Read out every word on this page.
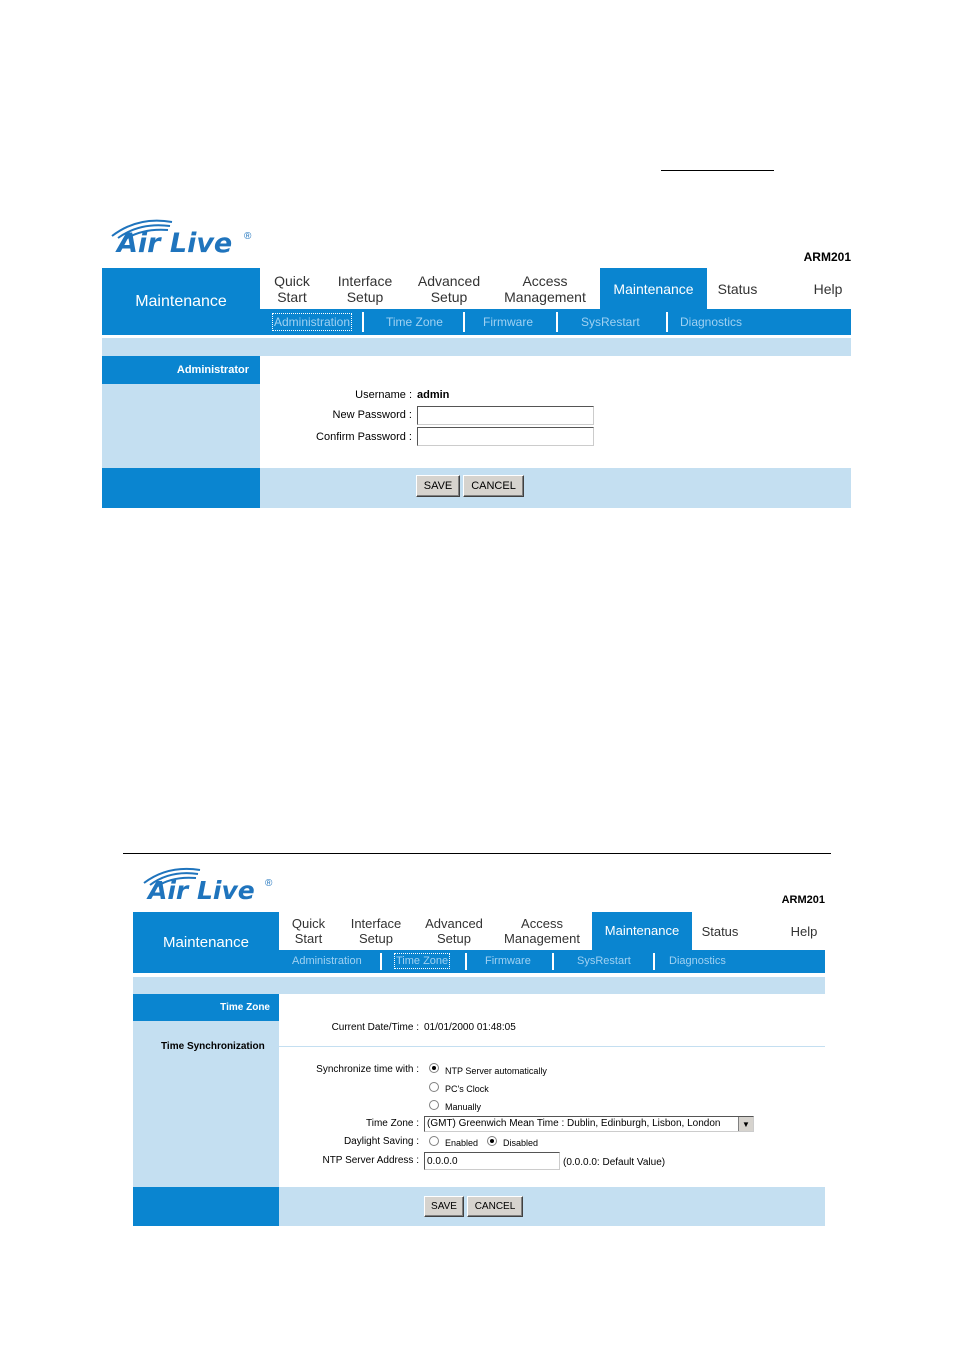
Air Live ®
ARM201
Maintenance
Quick
Start
Interface
Setup
Advanced
Setup
Access
Management
Maintenance	Status	Help
Administration	Time Zone	Firmware	SysRestart	Diagnostics
Administrator
Username : admin
New Password :
Confirm Password :
SAVE	CANCEL
Air Live ®
ARM201
Maintenance
Quick
Start
Interface
Setup
Advanced
Setup
Access
Management
Maintenance	Status	Help
Administration	Time Zone	Firmware	SysRestart	Diagnostics
Time Zone
Time Synchronization
Current Date/Time : 01/01/2000 01:48:05
Synchronize time with :	NTP Server automatically
PC's Clock
Manually
Time Zone : (GMT) Greenwich Mean Time : Dublin, Edinburgh, Lisbon, London	▼
Daylight Saving :	Enabled	Disabled
NTP Server Address :
0.0.0.0	(0.0.0.0: Default Value)
SAVE	CANCEL
